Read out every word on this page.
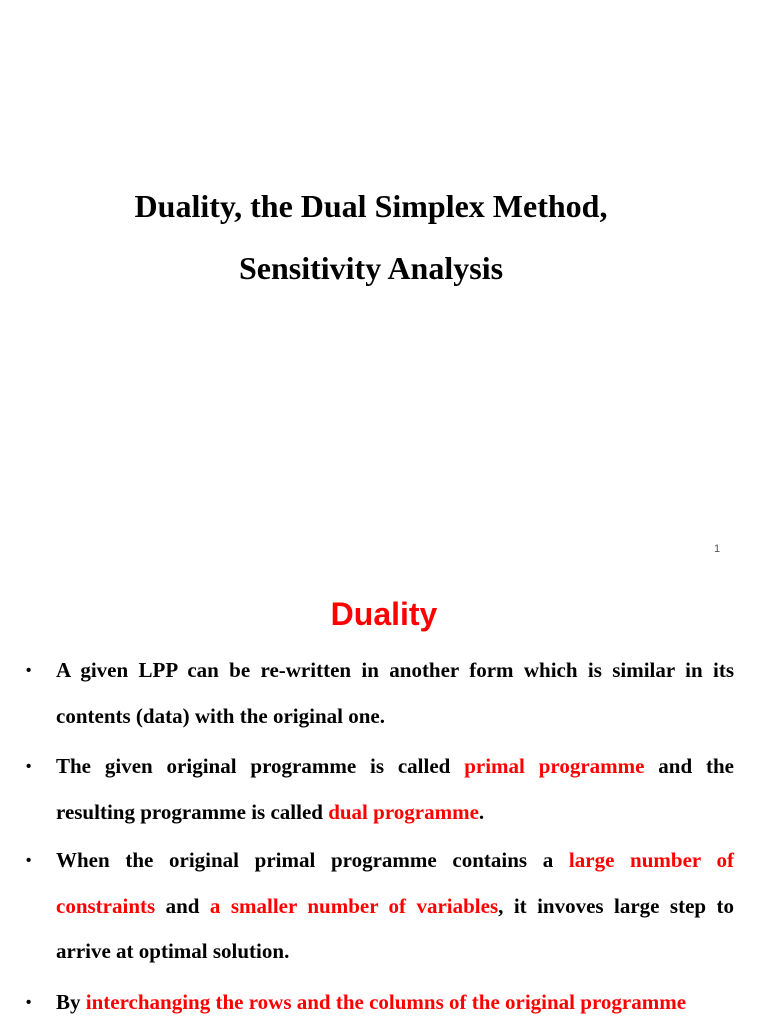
Duality, the Dual Simplex Method,
Sensitivity Analysis
1
Duality
• A given LPP can be re-written in another form which is similar in its contents (data) with the original one.
• The given original programme is called primal programme and the resulting programme is called dual programme.
• When the original primal programme contains a large number of constraints and a smaller number of variables, it invoves large step to arrive at optimal solution.
• By interchanging the rows and the columns of the original programme
